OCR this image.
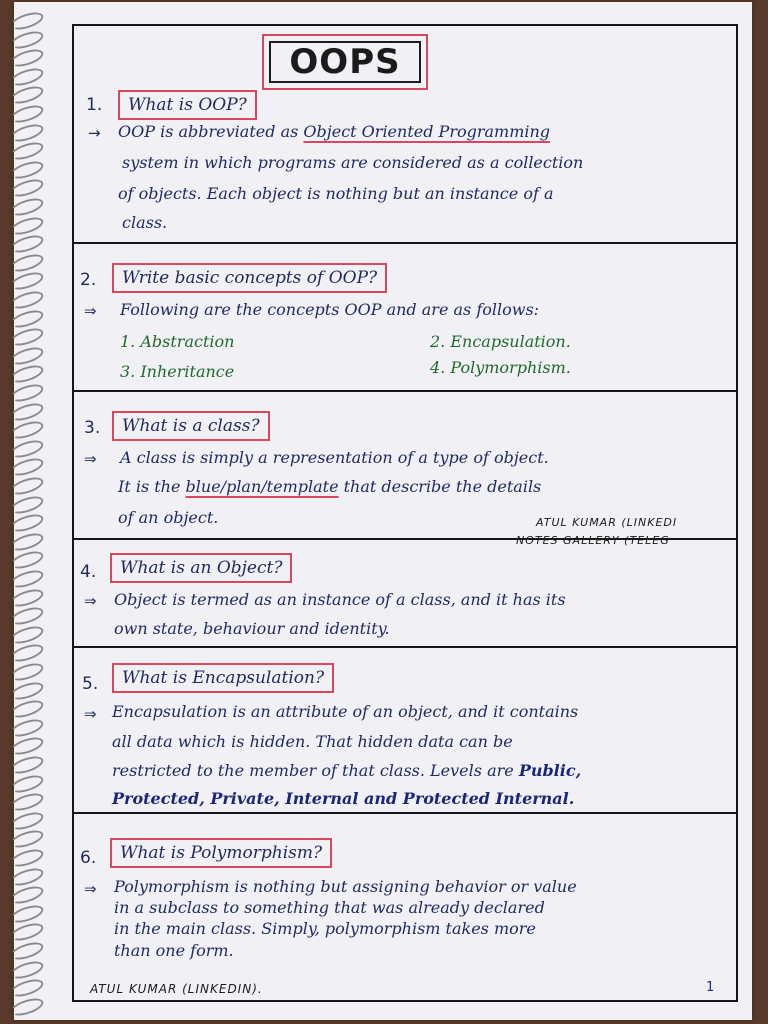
OOPS
1.	What is OOP?
→ OOP is abbreviated as Object Oriented Programming
system in which programs are considered as a collection
of objects. Each object is nothing but an instance of a
class.
2.	Write basic concepts of OOP?
⇒ Following are the concepts OOP and are as follows:
1. Abstraction	2. Encapsulation.
3. Inheritance	4. Polymorphism.
3.	What is a class?
⇒ A class is simply a representation of a type of object.
It is the blue/plan/template that describe the details
of an object.	ATUL KUMAR (LINKEDI
NOTES GALLERY (TELEG
4.	What is an Object?
⇒ Object is termed as an instance of a class, and it has its
own state, behaviour and identity.
5.	What is Encapsulation?
⇒ Encapsulation is an attribute of an object, and it contains
all data which is hidden. That hidden data can be
restricted to the member of that class. Levels are Public,
Protected, Private, Internal and Protected Internal.
6.	What is Polymorphism?
⇒ Polymorphism is nothing but assigning behavior or value
in a subclass to something that was already declared
in the main class. Simply, polymorphism takes more
than one form.
ATUL KUMAR (LINKEDIN).	1
